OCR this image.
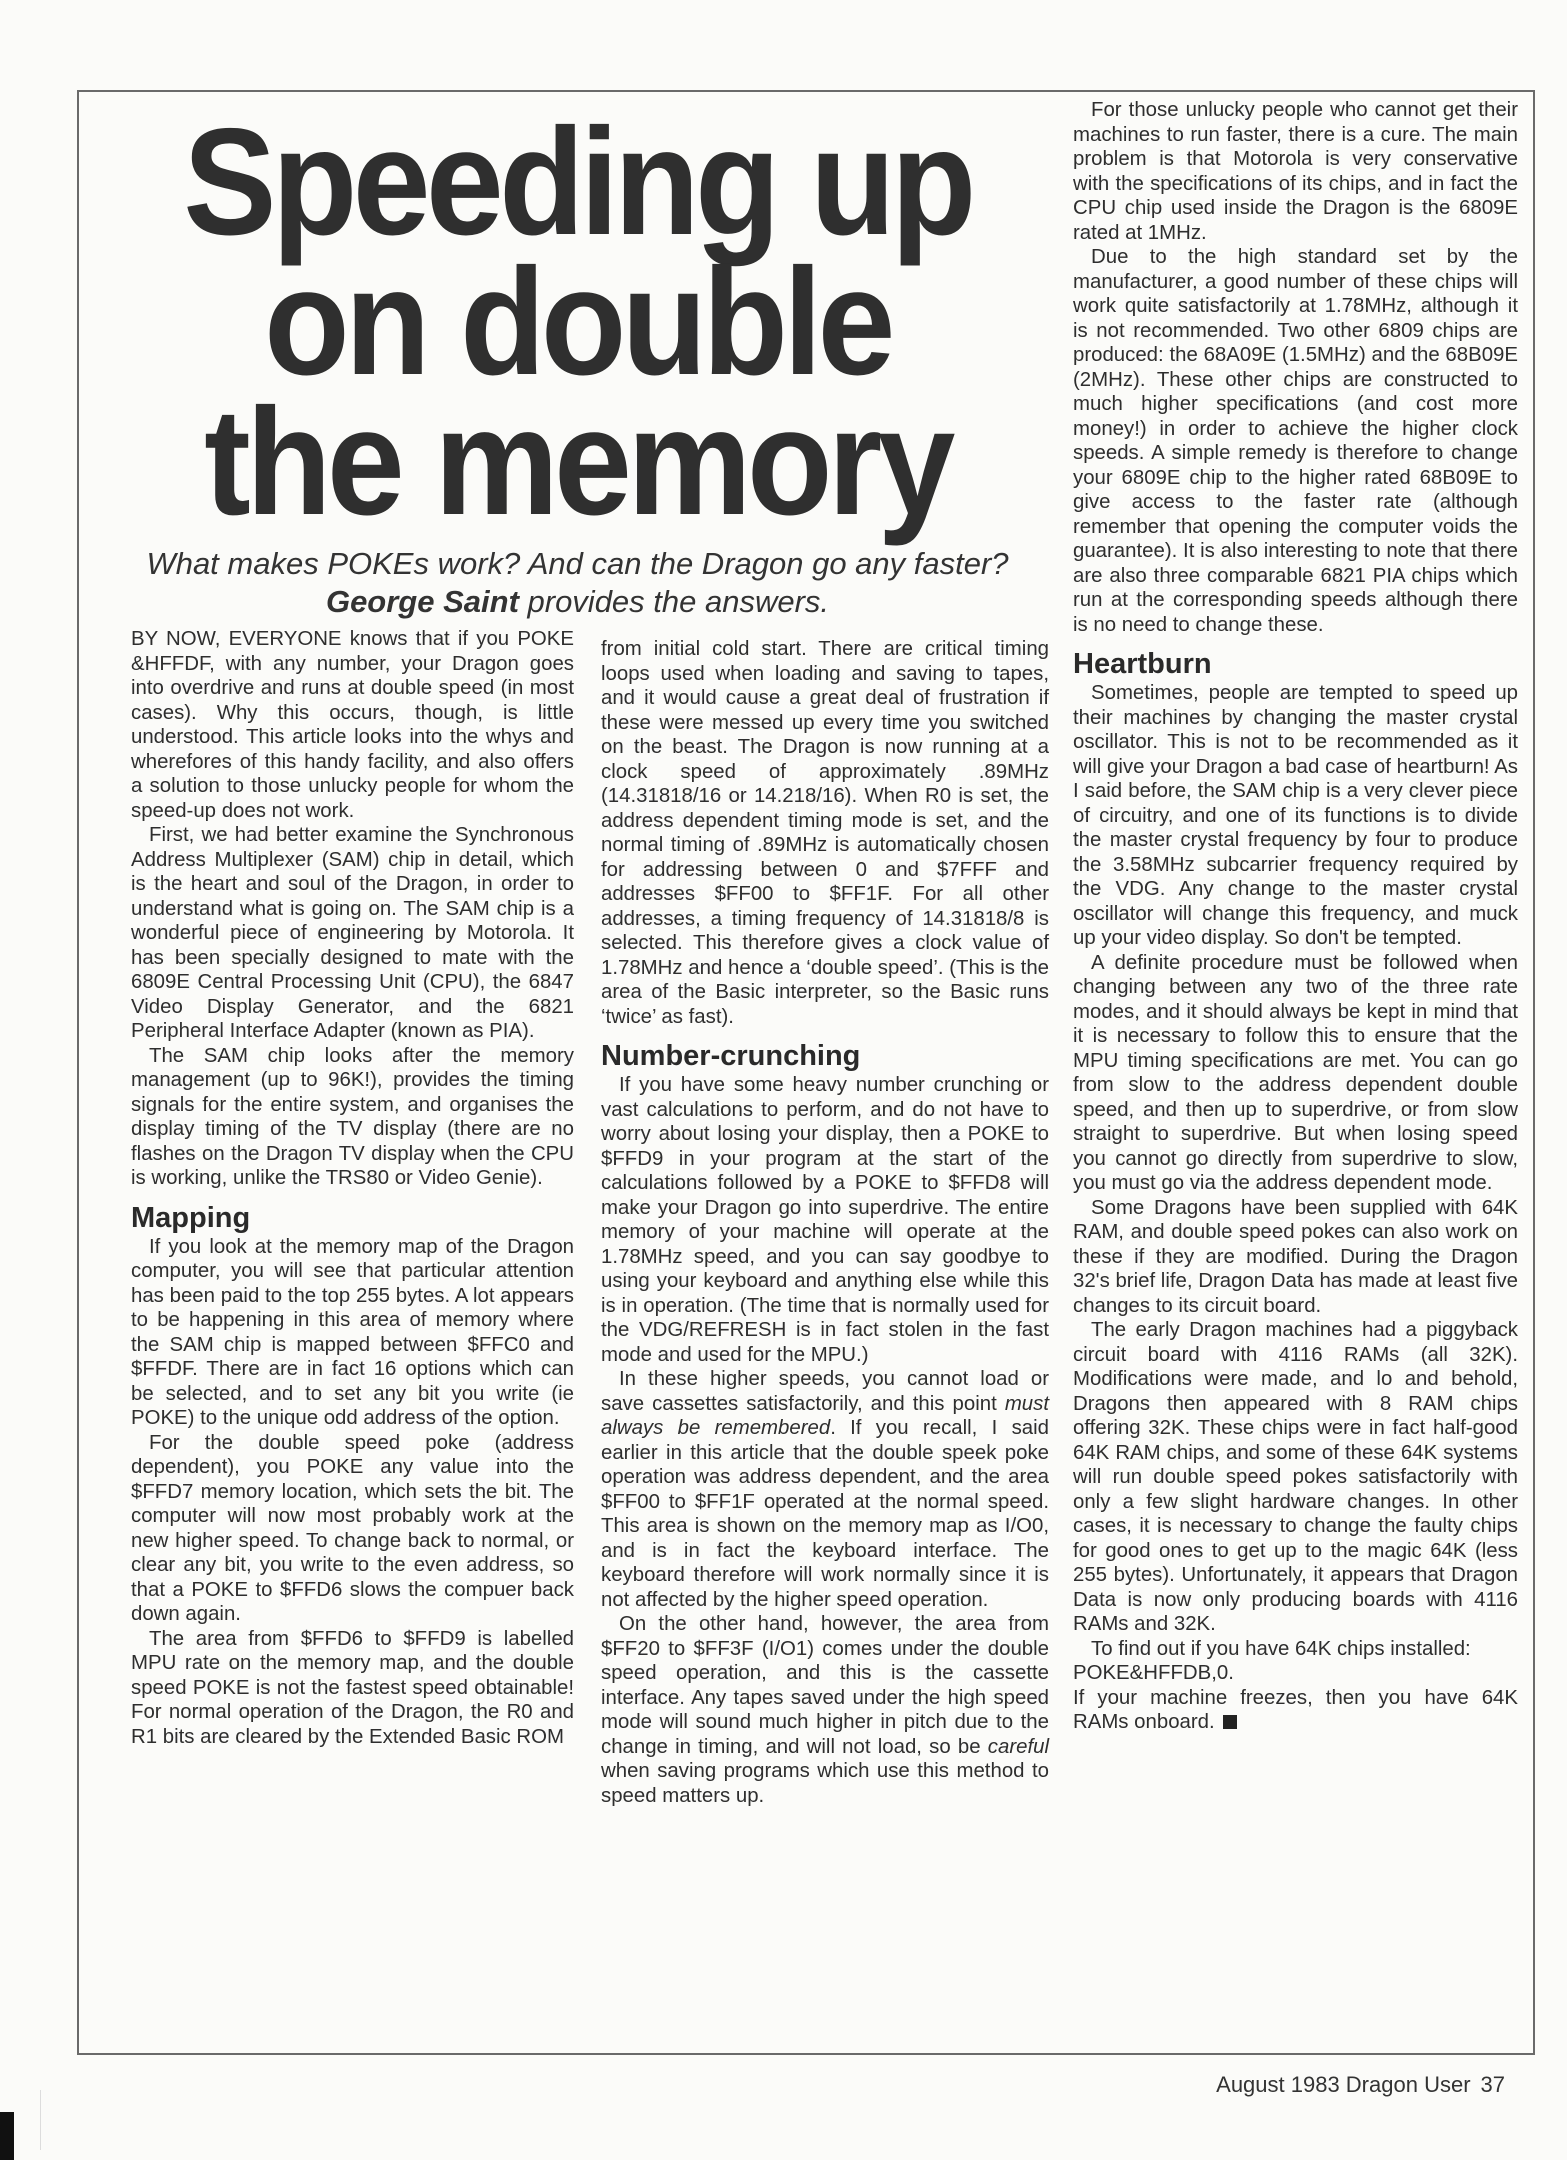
Speeding up
on double
the memory
What makes POKEs work? And can the Dragon go any faster?
George Saint provides the answers.

BY NOW, EVERYONE knows that if you POKE &HFFDF, with any number, your Dragon goes into overdrive and runs at double speed (in most cases). Why this occurs, though, is little understood. This article looks into the whys and wherefores of this handy facility, and also offers a solution to those unlucky people for whom the speed-up does not work.

First, we had better examine the Synchronous Address Multiplexer (SAM) chip in detail, which is the heart and soul of the Dragon, in order to understand what is going on. The SAM chip is a wonderful piece of engineering by Motorola. It has been specially designed to mate with the 6809E Central Processing Unit (CPU), the 6847 Video Display Generator, and the 6821 Peripheral Interface Adapter (known as PIA).

The SAM chip looks after the memory management (up to 96K!), provides the timing signals for the entire system, and organises the display timing of the TV display (there are no flashes on the Dragon TV display when the CPU is working, unlike the TRS80 or Video Genie).

Mapping

If you look at the memory map of the Dragon computer, you will see that particular attention has been paid to the top 255 bytes. A lot appears to be happening in this area of memory where the SAM chip is mapped between $FFC0 and $FFDF. There are in fact 16 options which can be selected, and to set any bit you write (ie POKE) to the unique odd address of the option.

For the double speed poke (address dependent), you POKE any value into the $FFD7 memory location, which sets the bit. The computer will now most probably work at the new higher speed. To change back to normal, or clear any bit, you write to the even address, so that a POKE to $FFD6 slows the compuer back down again.

The area from $FFD6 to $FFD9 is labelled MPU rate on the memory map, and the double speed POKE is not the fastest speed obtainable! For normal operation of the Dragon, the R0 and R1 bits are cleared by the Extended Basic ROM

from initial cold start. There are critical timing loops used when loading and saving to tapes, and it would cause a great deal of frustration if these were messed up every time you switched on the beast. The Dragon is now running at a clock speed of approximately .89MHz (14.31818/16 or 14.218/16). When R0 is set, the address dependent timing mode is set, and the normal timing of .89MHz is automatically chosen for addressing between 0 and $7FFF and addresses $FF00 to $FF1F. For all other addresses, a timing frequency of 14.31818/8 is selected. This therefore gives a clock value of 1.78MHz and hence a ‘double speed’. (This is the area of the Basic interpreter, so the Basic runs ‘twice’ as fast).

Number-crunching

If you have some heavy number crunching or vast calculations to perform, and do not have to worry about losing your display, then a POKE to $FFD9 in your program at the start of the calculations followed by a POKE to $FFD8 will make your Dragon go into superdrive. The entire memory of your machine will operate at the 1.78MHz speed, and you can say goodbye to using your keyboard and anything else while this is in operation. (The time that is normally used for the VDG/REFRESH is in fact stolen in the fast mode and used for the MPU.)

In these higher speeds, you cannot load or save cassettes satisfactorily, and this point must always be remembered. If you recall, I said earlier in this article that the double speek poke operation was address dependent, and the area $FF00 to $FF1F operated at the normal speed. This area is shown on the memory map as I/O0, and is in fact the keyboard interface. The keyboard therefore will work normally since it is not affected by the higher speed operation.

On the other hand, however, the area from $FF20 to $FF3F (I/O1) comes under the double speed operation, and this is the cassette interface. Any tapes saved under the high speed mode will sound much higher in pitch due to the change in timing, and will not load, so be careful when saving programs which use this method to speed matters up.

For those unlucky people who cannot get their machines to run faster, there is a cure. The main problem is that Motorola is very conservative with the specifications of its chips, and in fact the CPU chip used inside the Dragon is the 6809E rated at 1MHz.

Due to the high standard set by the manufacturer, a good number of these chips will work quite satisfactorily at 1.78MHz, although it is not recommended. Two other 6809 chips are produced: the 68A09E (1.5MHz) and the 68B09E (2MHz). These other chips are constructed to much higher specifications (and cost more money!) in order to achieve the higher clock speeds. A simple remedy is therefore to change your 6809E chip to the higher rated 68B09E to give access to the faster rate (although remember that opening the computer voids the guarantee). It is also interesting to note that there are also three comparable 6821 PIA chips which run at the corresponding speeds although there is no need to change these.

Heartburn

Sometimes, people are tempted to speed up their machines by changing the master crystal oscillator. This is not to be recommended as it will give your Dragon a bad case of heartburn! As I said before, the SAM chip is a very clever piece of circuitry, and one of its functions is to divide the master crystal frequency by four to produce the 3.58MHz subcarrier frequency required by the VDG. Any change to the master crystal oscillator will change this frequency, and muck up your video display. So don't be tempted.

A definite procedure must be followed when changing between any two of the three rate modes, and it should always be kept in mind that it is necessary to follow this to ensure that the MPU timing specifications are met. You can go from slow to the address dependent double speed, and then up to superdrive, or from slow straight to superdrive. But when losing speed you cannot go directly from superdrive to slow, you must go via the address dependent mode.

Some Dragons have been supplied with 64K RAM, and double speed pokes can also work on these if they are modified. During the Dragon 32's brief life, Dragon Data has made at least five changes to its circuit board.

The early Dragon machines had a piggyback circuit board with 4116 RAMs (all 32K). Modifications were made, and lo and behold, Dragons then appeared with 8 RAM chips offering 32K. These chips were in fact half-good 64K RAM chips, and some of these 64K systems will run double speed pokes satisfactorily with only a few slight hardware changes. In other cases, it is necessary to change the faulty chips for good ones to get up to the magic 64K (less 255 bytes). Unfortunately, it appears that Dragon Data is now only producing boards with 4116 RAMs and 32K.

To find out if you have 64K chips installed:

POKE&HFFDB,0.

If your machine freezes, then you have 64K RAMs onboard.

August 1983 Dragon User 37
